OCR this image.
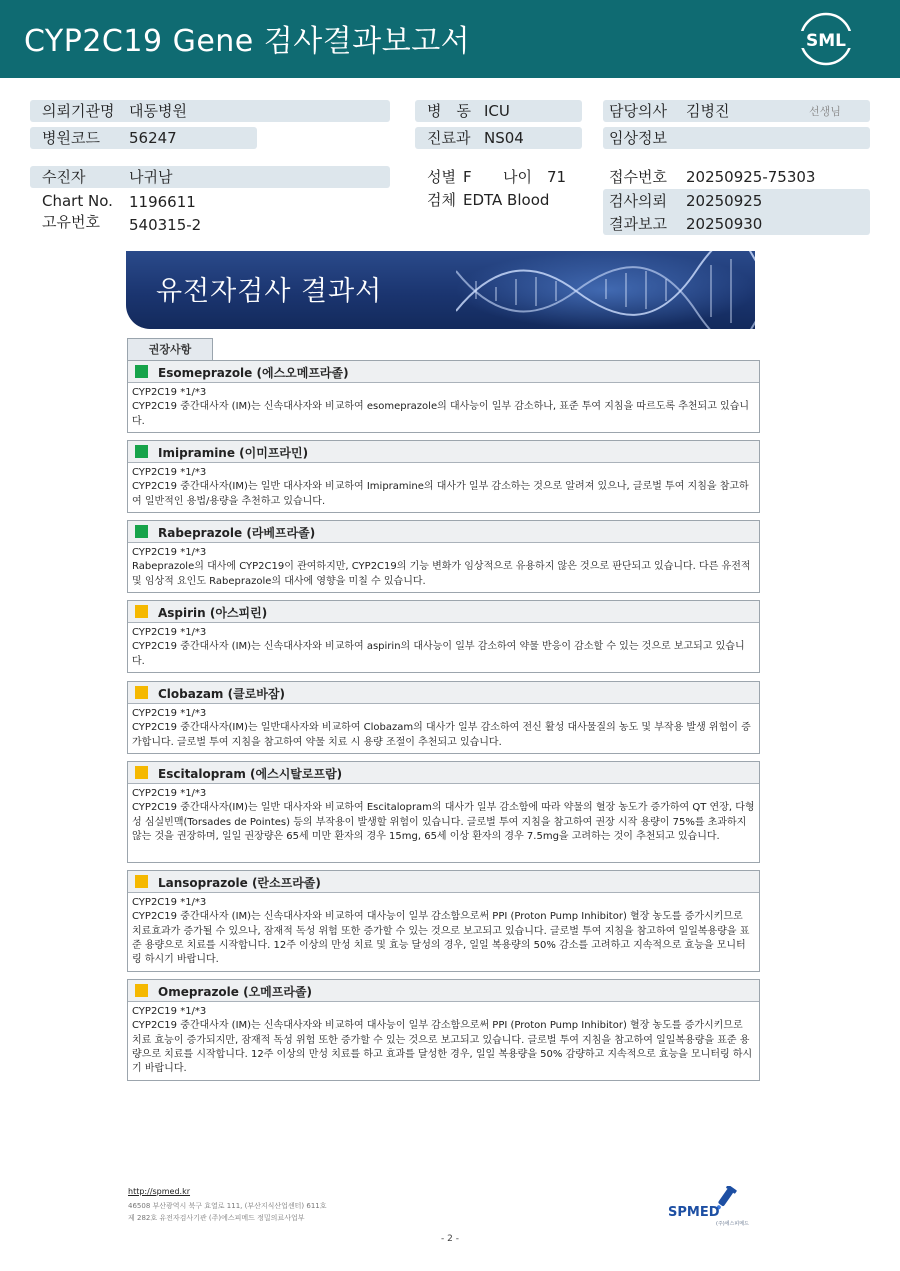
CYP2C19 Gene 검사결과보고서	SML
의뢰기관명 대동병원
병원코드 56247
수진자	나귀남
Chart No. 1196611
고유번호 540315-2
병　동 ICU
진료과 NS04
성별 F 나이 71
검체 EDTA Blood
담당의사 김병진	선생님
임상정보
접수번호 20250925-75303
검사의뢰 20250925
결과보고 20250930
유전자검사 결과서
권장사항
Esomeprazole (에스오메프라졸)
CYP2C19 *1/*3
CYP2C19 중간대사자 (IM)는 신속대사자와 비교하여 esomeprazole의 대사능이 일부 감소하나, 표준 투여 지침을 따르도록 추천되고 있습니다.
Imipramine (이미프라민)
CYP2C19 *1/*3
CYP2C19 중간대사자(IM)는 일반 대사자와 비교하여 Imipramine의 대사가 일부 감소하는 것으로 알려져 있으나, 글로벌 투여 지침을 참고하여 일반적인 용법/용량을 추천하고 있습니다.
Rabeprazole (라베프라졸)
CYP2C19 *1/*3
Rabeprazole의 대사에 CYP2C19이 관여하지만, CYP2C19의 기능 변화가 임상적으로 유용하지 않은 것으로 판단되고 있습니다. 다른 유전적 및 임상적 요인도 Rabeprazole의 대사에 영향을 미칠 수 있습니다.
Aspirin (아스피린)
CYP2C19 *1/*3
CYP2C19 중간대사자 (IM)는 신속대사자와 비교하여 aspirin의 대사능이 일부 감소하여 약물 반응이 감소할 수 있는 것으로 보고되고 있습니다.
Clobazam (클로바잠)
CYP2C19 *1/*3
CYP2C19 중간대사자(IM)는 일반대사자와 비교하여 Clobazam의 대사가 일부 감소하여 전신 활성 대사물질의 농도 및 부작용 발생 위험이 증가합니다. 글로벌 투여 지침을 참고하여 약물 치료 시 용량 조절이 추천되고 있습니다.
Escitalopram (에스시탈로프람)
CYP2C19 *1/*3
CYP2C19 중간대사자(IM)는 일반 대사자와 비교하여 Escitalopram의 대사가 일부 감소함에 따라 약물의 혈장 농도가 증가하여 QT 연장, 다형성 심실빈맥(Torsades de Pointes) 등의 부작용이 발생할 위험이 있습니다. 글로벌 투여 지침을 참고하여 권장 시작 용량이 75%를 초과하지 않는 것을 권장하며, 일일 권장량은 65세 미만 환자의 경우 15mg, 65세 이상 환자의 경우 7.5mg을 고려하는 것이 추천되고 있습니다.
Lansoprazole (란소프라졸)
CYP2C19 *1/*3
CYP2C19 중간대사자 (IM)는 신속대사자와 비교하여 대사능이 일부 감소함으로써 PPI (Proton Pump Inhibitor) 혈장 농도를 증가시키므로 치료효과가 증가될 수 있으나, 잠재적 독성 위험 또한 증가할 수 있는 것으로 보고되고 있습니다. 글로벌 투여 지침을 참고하여 일일복용량을 표준 용량으로 치료를 시작합니다. 12주 이상의 만성 치료 및 효능 달성의 경우, 일일 복용량의 50% 감소를 고려하고 지속적으로 효능을 모니터링 하시기 바랍니다.
Omeprazole (오메프라졸)
CYP2C19 *1/*3
CYP2C19 중간대사자 (IM)는 신속대사자와 비교하여 대사능이 일부 감소함으로써 PPI (Proton Pump Inhibitor) 혈장 농도를 증가시키므로 치료 효능이 증가되지만, 잠재적 독성 위험 또한 증가할 수 있는 것으로 보고되고 있습니다. 글로벌 투여 지침을 참고하여 일일복용량을 표준 용량으로 치료를 시작합니다. 12주 이상의 만성 치료를 하고 효과를 달성한 경우, 일일 복용량을 50% 감량하고 지속적으로 효능을 모니터링 하시기 바랍니다.
http://spmed.kr
46508 부산광역시 북구 효열로 111, (부산지식산업센터) 611호
제 282호 유전자검사기관 (주)에스피메드 정밀의료사업부	SPMED
(주)에스피메드
- 2 -
